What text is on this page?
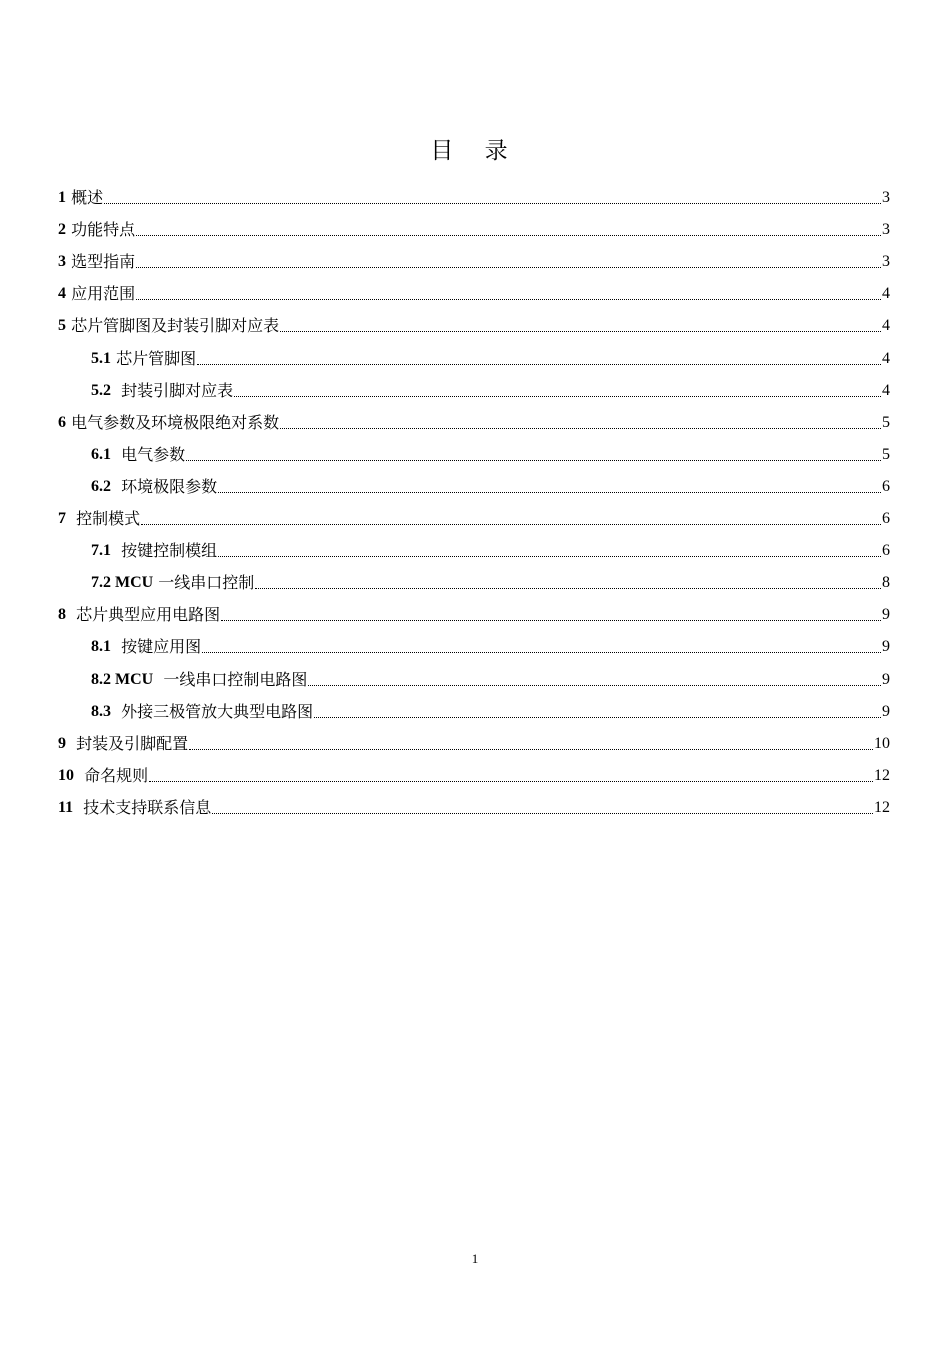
目 录
1 概述	3
2 功能特点	3
3 选型指南	3
4 应用范围	4
5 芯片管脚图及封装引脚对应表	4
5.1 芯片管脚图	4
5.2 封装引脚对应表	4
6 电气参数及环境极限绝对系数	5
6.1 电气参数	5
6.2 环境极限参数	6
7 控制模式	6
7.1 按键控制模组	6
7.2 MCU 一线串口控制	8
8 芯片典型应用电路图	9
8.1 按键应用图	9
8.2 MCU 一线串口控制电路图	9
8.3 外接三极管放大典型电路图	9
9 封装及引脚配置	10
10 命名规则	12
11 技术支持联系信息	12
1
